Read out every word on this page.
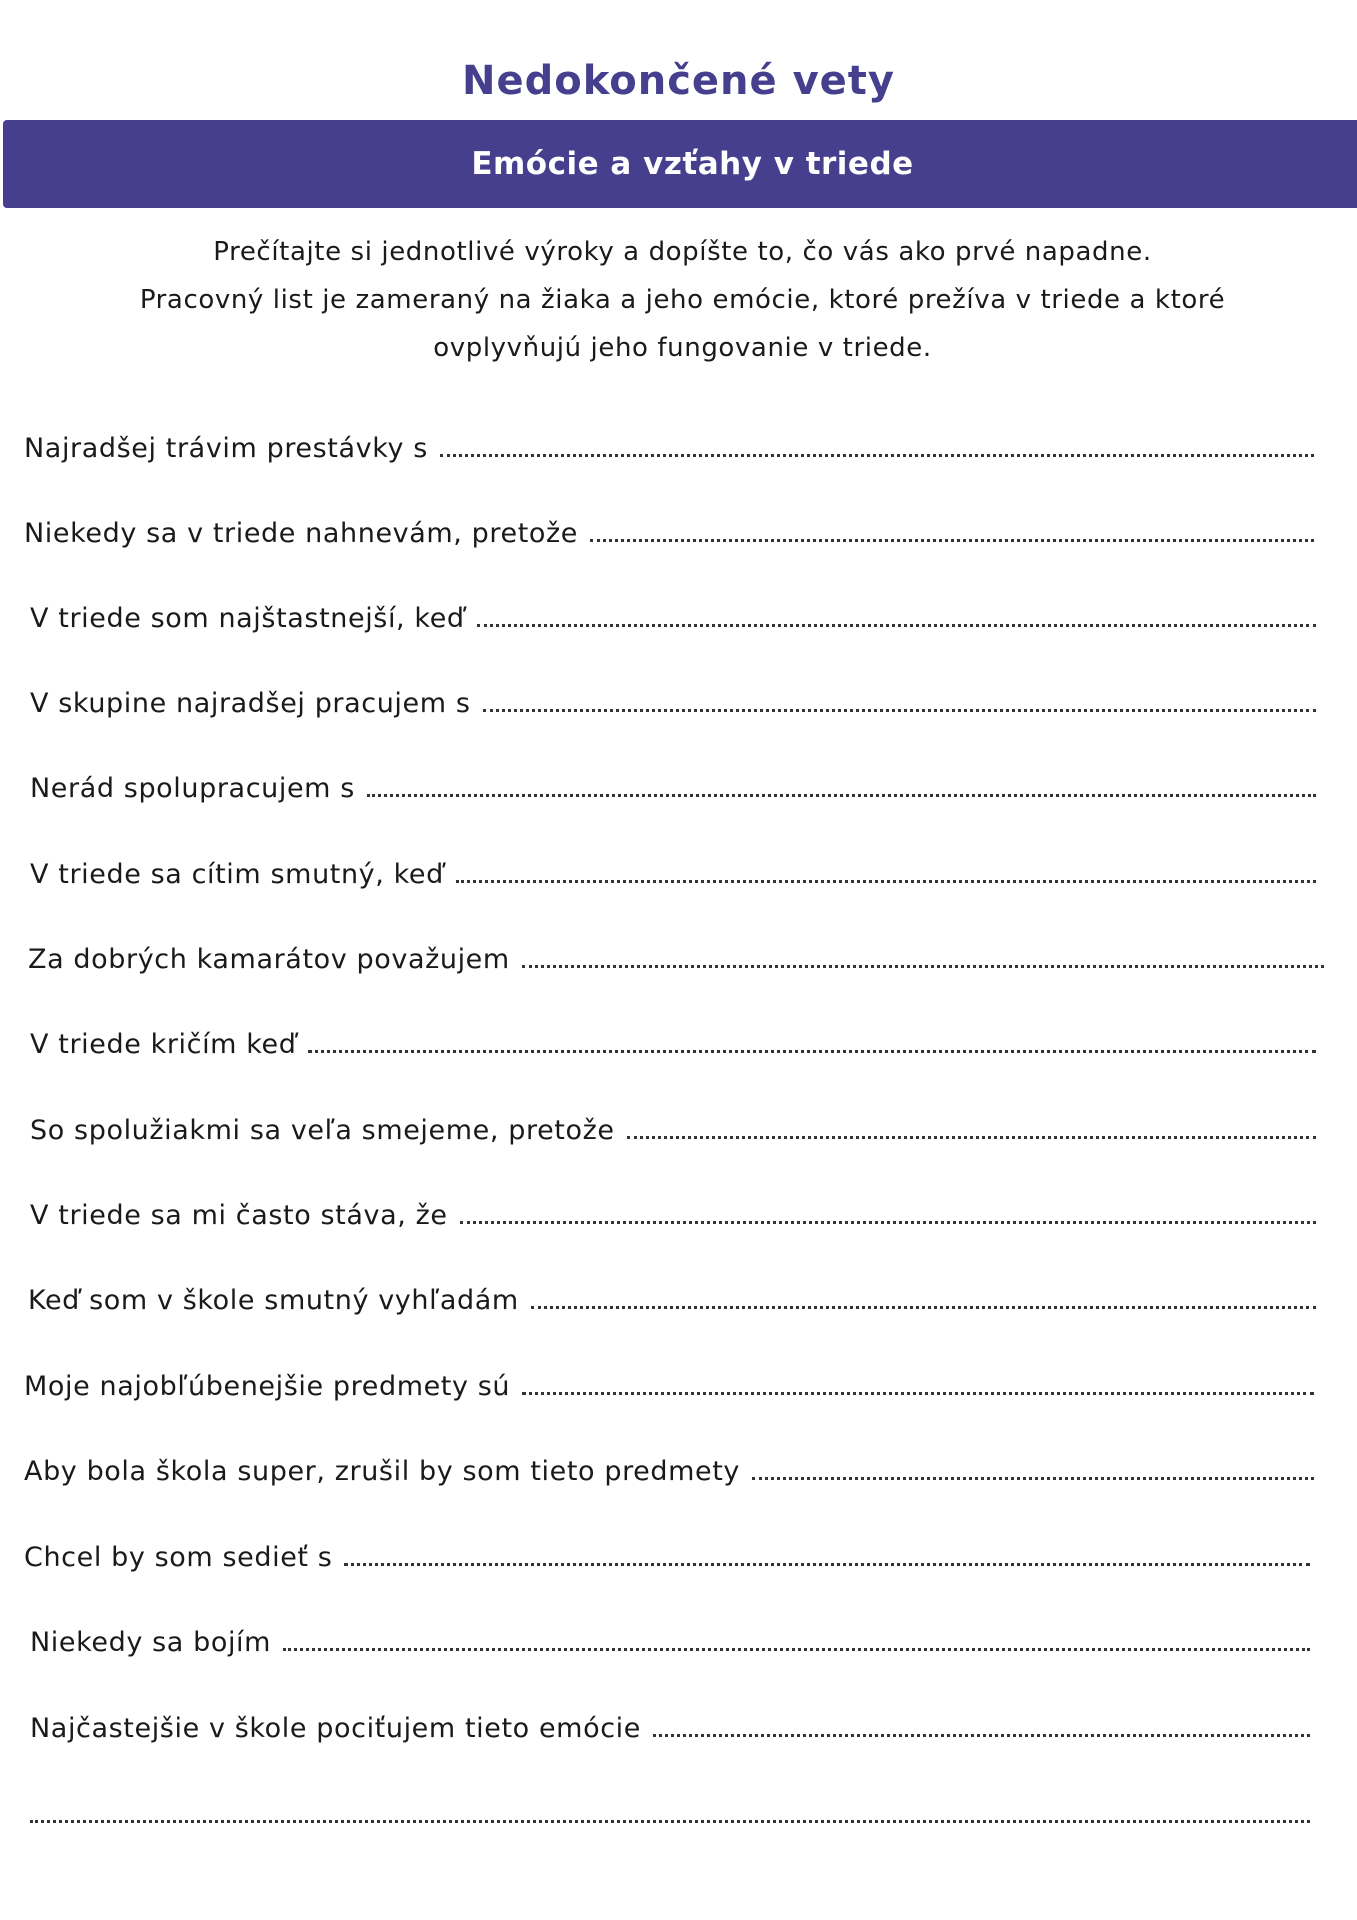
Nedokončené vety
Emócie a vzťahy v triede
Prečítajte si jednotlivé výroky a dopíšte to, čo vás ako prvé napadne.
Pracovný list je zameraný na žiaka a jeho emócie, ktoré prežíva v triede a ktoré
ovplyvňujú jeho fungovanie v triede.
Najradšej trávim prestávky s
Niekedy sa v triede nahnevám, pretože
V triede som najštastnejší, keď
V skupine najradšej pracujem s
Nerád spolupracujem s
V triede sa cítim smutný, keď
Za dobrých kamarátov považujem
V triede kričím keď
So spolužiakmi sa veľa smejeme, pretože
V triede sa mi často stáva, že
Keď som v škole smutný vyhľadám
Moje najobľúbenejšie predmety sú
Aby bola škola super, zrušil by som tieto predmety
Chcel by som sedieť s
Niekedy sa bojím
Najčastejšie v škole pociťujem tieto emócie
